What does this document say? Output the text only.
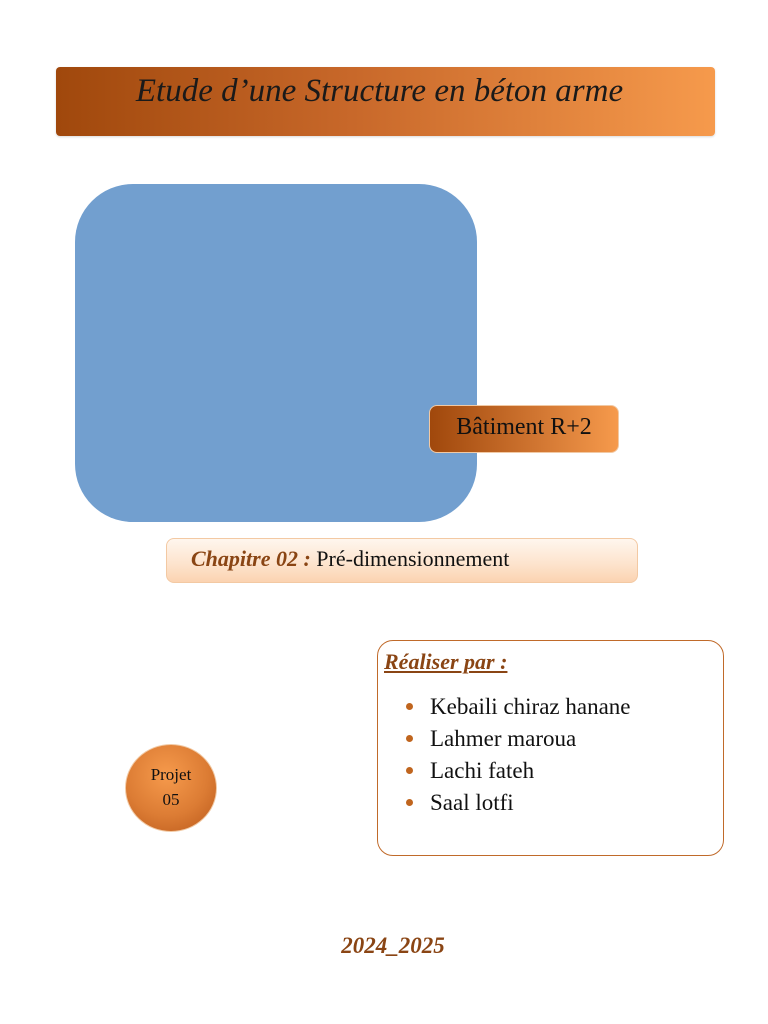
Etude d’une Structure en béton arme
Bâtiment R+2
Chapitre 02 : Pré-dimensionnement
Réaliser par :
Kebaili chiraz hanane
Lahmer maroua
Lachi fateh
Saal lotfi
Projet
05
2024_2025
